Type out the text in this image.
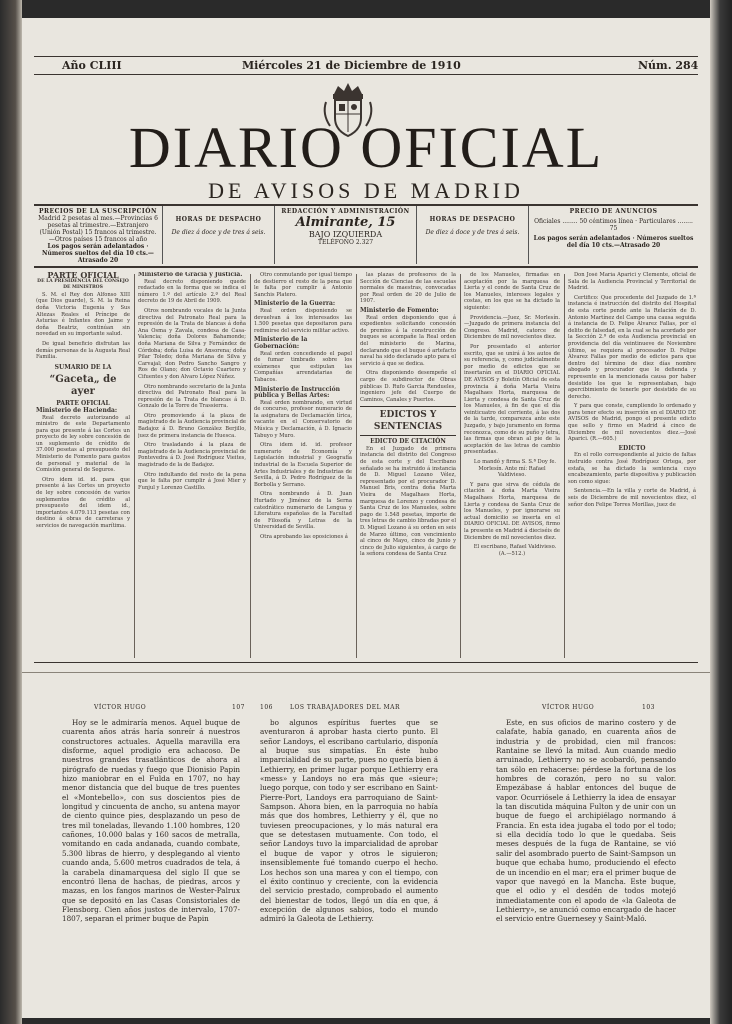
Año CLIII	Miércoles 21 de Diciembre de 1910	Núm. 284
DIARIO OFICIAL
DE AVISOS DE MADRID
PRECIOS DE LA SUSCRIPCIÓN
Madrid 2 pesetas al mes.—Provincias 6 pesetas al trimestre.—Extranjero (Unión Postal) 15 francos al trimestre.—Otros países 15 francos al año
Los pagos serán adelantados · Números sueltos del día 10 cts.—Atrasado 20
HORAS DE DESPACHO
De diez á doce y de tres á seis.
REDACCIÓN Y ADMINISTRACIÓN
Almirante, 15
BAJO IZQUIERDA
TELÉFONO 2.327
HORAS DE DESPACHO
De diez á doce y de tres á seis.
PRECIO DE ANUNCIOS
Oficiales ........ 50 céntimos línea · Particulares ........ 75
Los pagos serán adelantados · Números sueltos del día 10 cts.—Atrasado 20
PARTE OFICIAL
DE LA PRESIDENCIA DEL CONSEJO DE MINISTROS

S. M. el Rey don Alfonso XIII (que Dios guarde), S. M. la Reina doña Victoria Eugenia y Sus Altezas Reales el Príncipe de Asturias é Infantes don Jaime y doña Beatriz, continúan sin novedad en su importante salud.

De igual beneficio disfrutan las demás personas de la Augusta Real Familia.

SUMARIO DE LA
“Gaceta„ de ayer
PARTE OFICIAL
Ministerio de Hacienda:

Real decreto autorizando al ministro de este Departamento para que presente á las Cortes un proyecto de ley sobre concesión de un suplemento de crédito de 37.000 pesetas al presupuesto del Ministerio de Fomento para gastos de personal y material de la Comisión general de Seguros.

Otro idem id. id. para que presente á las Cortes un proyecto de ley sobre concesión de varios suplementos de crédito al presupuesto del idem id., importantes 4.079.113 pesetas con destino á obras de carreteras y servicios de navegación marítima.

Ministerio de Gracia y Justicia.

Real decreto disponiendo quede redactado en la forma que se indica el número 1.º del artículo 2.º del Real decreto de 19 de Abril de 1909.

Otros nombrando vocales de la Junta directiva del Patronato Real para la represión de la Trata de blancas á doña Ana Osma y Zavala, condesa de Casa-Valencia; doña Dolores Bahamonde; doña Mariana de Silva y Fernández de Córdoba; doña Luisa de Ansorena; doña Pilar Toledo; doña Mariana de Silva y Carvajal; don Pedro Sancho Sangro y Ros de Olano; don Octavio Cuartero y Cifuentes y don Alvaro López Núñez.

Otro nombrando secretario de la Junta directiva del Patronato Real para la represión de la Trata de blancas á D. Gonzalo de la Torre de Trassierra.

Otro promoviendo á la plaza de magistrado de la Audiencia provincial de Badajoz á D. Bruno González Berjillo, juez de primera instancia de Huesca.

Otro trasladando á la plaza de magistrado de la Audiencia provincial de Pontevedra á D. José Rodríguez Vieites, magistrado de la de Badajoz.

Otro indultando del resto de la pena que le falta por cumplir á José Mier y Funjul y Lorenzo Castillo.

Otro conmutando por igual tiempo de destierro el resto de la pena que le falta por cumplir á Antonio Sanchis Platero.

Ministerio de la Guerra:

Real orden disponiendo se devuelvan á los interesados las 1.500 pesetas que depositaron para redimirse del servicio militar activo.

Ministerio de la Gobernación:

Real orden concediendo el papel de fumar timbrado sobre los exámenes que estipulan las Compañías arrendatarias de Tabacos.

Ministerio de Instrucción pública y Bellas Artes:

Real orden nombrando, en virtud de concurso, profesor numerario de la asignatura de Declamación lírica, vacante en el Conservatorio de Música y Declamación, á D. Ignacio Tabuyo y Muro.

Otra idem id. id. profesor numerario de Economía y Legislación industrial y Geografía industrial de la Escuela Superior de Artes Industriales y de Industrias de Sevilla, á D. Pedro Rodríguez de la Borbolla y Serrano.

Otra nombrando á D. Juan Hurtado y Jiménez de la Serna catedrático numerario de Lengua y Literatura españolas de la Facultad de Filosofía y Letras de la Universidad de Sevilla.

Otra aprobando las oposiciones á

las plazas de profesores de la Sección de Ciencias de las escuelas normales de maestras, convocadas por Real orden de 20 de Julio de 1907.

Ministerio de Fomento:

Real orden disponiendo que á expedientes solicitando concesión de premios á la construcción de buques se acompañe la Real orden del ministerio de Marina, declarando que el buque ó artefacto naval ha sido declarado apto para el servicio á que se dedica.

Otra disponiendo desempeñe el cargo de subdirector de Obras públicas D. Rufo Garcia Rendueles, ingeniero jefe del Cuerpo de Caminos, Canales y Puertos.

EDICTOS Y SENTENCIAS
EDICTO DE CITACIÓN

En el Juzgado de primera instancia del distrito del Congreso de esta corte y del Escribano señalado se ha instruido á instancia de D. Miguel Lozano Vélez, representado por el procurador D. Manuel Bris, contra doña Marta Vieira de Magalhaes Horta, marquesa de Lorenzo y condesa de Santa Cruz de los Manueles, sobre pago de 1.548 pesetas, importe de tres letras de cambio libradas por el D. Miguel Lozano á su orden en seis de Marzo último, con vencimiento al cinco de Mayo, cinco de Junio y cinco de Julio siguientes, á cargo de la señora condesa de Santa Cruz

de los Manueles, firmadas en aceptación por la marquesa de Lierta y el conde de Santa Cruz de los Manueles, intereses legales y costas, en los que se ha dictado la siguiente:

Providencia.—Juez, Sr. Morlesín.—Juzgado de primera instancia del Congreso. Madrid, catorce de Diciembre de mil novecientos diez.

Por presentado el anterior escrito, que se unirá á los autos de su referencia, y, como judicialmente por medio de edictos que se insertarán en el DIARIO OFICIAL DE AVISOS y Boletín Oficial de esta provincia á doña Marta Vieira Magalhaes Horta, marquesa de Lierta y condesa de Santa Cruz de los Manueles, á fin de que el día veinticuatro del corriente, á las dos de la tarde, comparezca ante este Juzgado, y bajo juramento en forma reconozca, como de su puño y letra, las firmas que obran al pie de la aceptación de las letras de cambio presentadas.

Lo mandó y firma S. S.ª Doy fe. Morlesín. Ante mí: Rafael Valdivieso.

Y para que sirva de cédula de citación á doña Marta Vieira Magalhaes Horta, marquesa de Lierta y condesa de Santa Cruz de los Manueles, y por ignorarse su actual domicilio se inserta en el DIARIO OFICIAL DE AVISOS, firmo la presente en Madrid á dieciséis de Diciembre de mil novecientos diez.

El escribano, Rafael Valdivieso. (A.—512.)

Don José María Aparici y Clemente, oficial de Sala de la Audiencia Provincial y Territorial de Madrid.

Certifico: Que procedente del Juzgado de 1.ª instancia é instrucción del distrito del Hospital de esta corte pende ante la Relación de D. Antonio Martínez del Campo una causa seguida á instancia de D. Felipe Álvarez Fallas, por el delito de falsedad, en la cual se ha acordado por la Sección 2.ª de esta Audiencia provincial en providencia del día veintinueve de Noviembre último, se requiera al procesador D. Felipe Álvarez Fallas por medio de edictos para que dentro del término de diez días nombre abogado y procurador que le defienda y represente en la mencionada causa por haber desistido los que le representaban, bajo apercibimiento de tenerle por desistido de su derecho.

Y para que conste, cumpliendo lo ordenado y para tener efecto su inserción en el DIARIO DE AVISOS de Madrid, pongo el presente edicto que sello y firmo en Madrid á cinco de Diciembre de mil novecientos diez.—José Aparici. (R.—605.)

EDICTO

En el rollo correspondiente al juicio de faltas instruido contra José Rodríguez Ortega, por estafa, se ha dictado la sentencia cuyo encabezamiento, parte dispositiva y publicación son como sigue:

Sentencia.—En la villa y corte de Madrid, á seis de Diciembre de mil novecientos diez, el señor don Felipe Torres Morillas, juez de

VÍCTOR HUGO	107	106	LOS TRABAJADORES DEL MAR	VÍCTOR HUGO	103

Hoy se le admiraría menos. Aquel buque de cuarenta años atrás haría sonreír á nuestros constructores actuales. Aquella maravilla era disforme, aquel prodigio era achacoso. De nuestros grandes trasatlánticos de ahora al pirógrafo de ruedas y fuego que Dionisio Papin hizo maniobrar en el Fulda en 1707, no hay menor distancia que del buque de tres puentes el «Montebello», con sus doscientos pies de longitud y cincuenta de ancho, su antena mayor de ciento quince pies, desplazando un peso de tres mil toneladas, llevando 1.100 hombres, 120 cañones, 10.000 balas y 160 sacos de metralla, vomitando en cada andanada, cuando combate, 5.300 libras de hierro, y desplegando al viento cuando anda, 5.600 metros cuadrados de tela, á la carabela dinamarquesa del siglo II que se encontró llena de hachas, de piedras, arcos y mazas, en los fangos marinos de Wester-Palrux que se depositó en las Casas Consistoriales de Flensborg. Cien años justos de intervalo, 1707-1807, separan el primer buque de Papin

bo algunos espíritus fuertes que se aventuraron á aprobar hasta cierto punto. El señor Landoys, el escribano cartulario, disponía al buque sus simpatías. En éste hubo imparcialidad de su parte, pues no quería bien á Lethierry, en primer lugar porque Lethierry era «mess» y Landoys no era más que «sieur»; luego porque, con todo y ser escribano en Saint-Pierre-Port, Landoys era parroquiano de Saint-Sampson. Ahora bien, en la parroquia no había más que dos hombres, Lethierry y él, que no tuviesen preocupaciones, y lo más natural era que se detestasen mutuamente. Con todo, el señor Landoys tuvo la imparcialidad de aprobar el buque de vapor y otros le siguieron; insensiblemente fué tomando cuerpo el hecho. Los hechos son una marea y con el tiempo, con el éxito continuo y creciente, con la evidencia del servicio prestado, comprobado el aumento del bienestar de todos, llegó un día en que, á excepción de algunos sabios, todo el mundo admiró la Galeota de Lethierry.

Este, en sus oficios de marino costero y de calafate, había ganado, en cuarenta años de industria y de probidad, cien mil francos: Rantaine se llevó la mitad. Aun cuando medio arruinado, Lethierry no se acobardó, pensando tan sólo en rehacerse: pérdese la fortuna de los hombres de corazón, pero no su valor. Empezábase á hablar entonces del buque de vapor. Ocurriósele á Lethierry la idea de ensayar la tan discutida máquina Fulton y de unir con un buque de fuego el archipiélago normando á Francia. En esta idea jugaba el todo por el todo; si ella decidía todo lo que le quedaba. Seis meses después de la fuga de Rantaine, se vió salir del asombrado puerto de Saint-Sampson un buque que echaba humo, produciendo el efecto de un incendio en el mar; era el primer buque de vapor que navegó en la Mancha. Este buque, que el odio y el desdén de todos motejó inmediatamente con el apodo de «la Galeota de Lethierry», se anunció como encargado de hacer el servicio entre Guernesey y Saint-Maló.
